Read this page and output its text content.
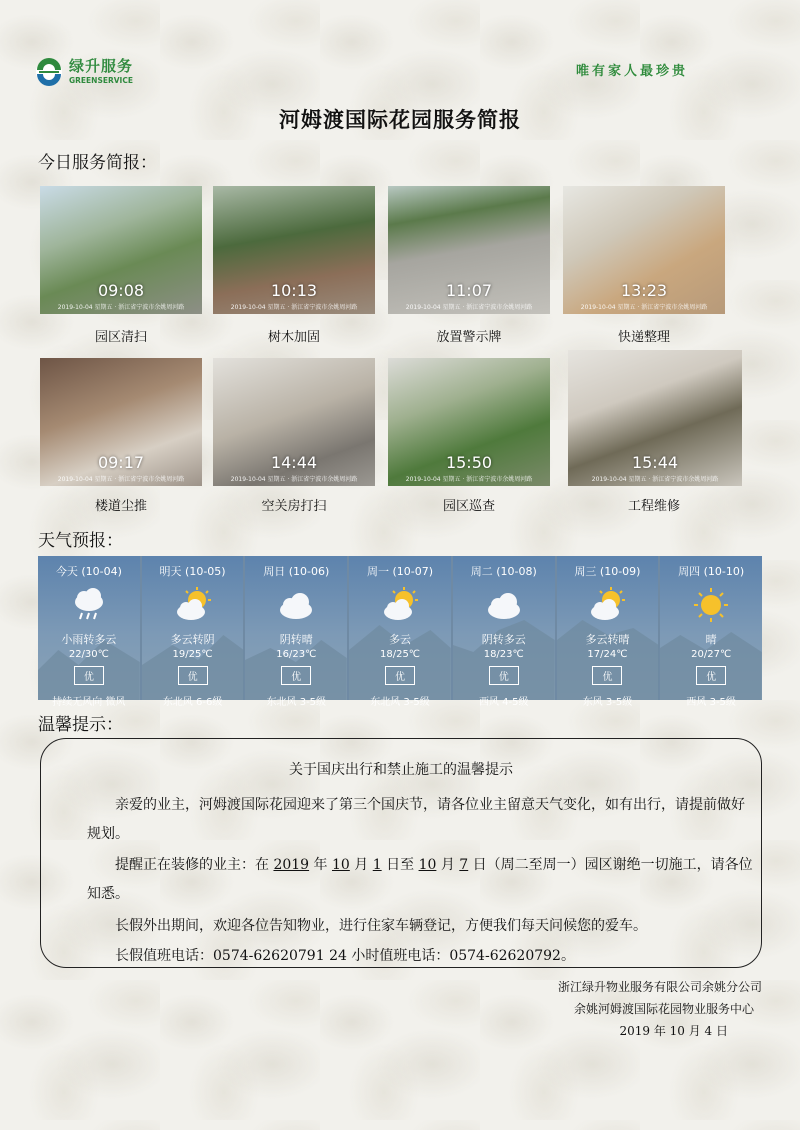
绿升服务
GREENSERVICE
唯有家人最珍贵
河姆渡国际花园服务简报
今日服务简报：
09:08
2019-10-04 星期五 · 浙江省宁波市余姚周河路
10:13
2019-10-04 星期五 · 浙江省宁波市余姚周河路
11:07
2019-10-04 星期五 · 浙江省宁波市余姚周河路
13:23
2019-10-04 星期五 · 浙江省宁波市余姚周河路
园区清扫	树木加固	放置警示牌	快递整理
09:17
2019-10-04 星期五 · 浙江省宁波市余姚周河路
14:44
2019-10-04 星期五 · 浙江省宁波市余姚周河路
15:50
2019-10-04 星期五 · 浙江省宁波市余姚周河路
15:44
2019-10-04 星期五 · 浙江省宁波市余姚周河路
楼道尘推	空关房打扫	园区巡查	工程维修
天气预报：
今天 (10-04)
小雨转多云
22/30℃
优
持续无风向 微风
明天 (10-05)
多云转阴
19/25℃
优
东北风 6-6级
周日 (10-06)
阴转晴
16/23℃
优
东北风 3-5级
周一 (10-07)
多云
18/25℃
优
东北风 3-5级
周二 (10-08)
阴转多云
18/23℃
优
西风 4-5级
周三 (10-09)
多云转晴
17/24℃
优
东风 3-5级
周四 (10-10)
晴
20/27℃
优
西风 3-5级
温馨提示：
关于国庆出行和禁止施工的温馨提示
亲爱的业主，河姆渡国际花园迎来了第三个国庆节，请各位业主留意天气变化，如有出行，请提前做好规划。
提醒正在装修的业主：在 2019 年 10 月 1 日至 10 月 7 日（周二至周一）园区谢绝一切施工，请各位知悉。
长假外出期间，欢迎各位告知物业，进行住家车辆登记，方便我们每天问候您的爱车。
长假值班电话：0574-62620791 24 小时值班电话：0574-62620792。
浙江绿升物业服务有限公司余姚分公司
余姚河姆渡国际花园物业服务中心
2019 年 10 月 4 日
